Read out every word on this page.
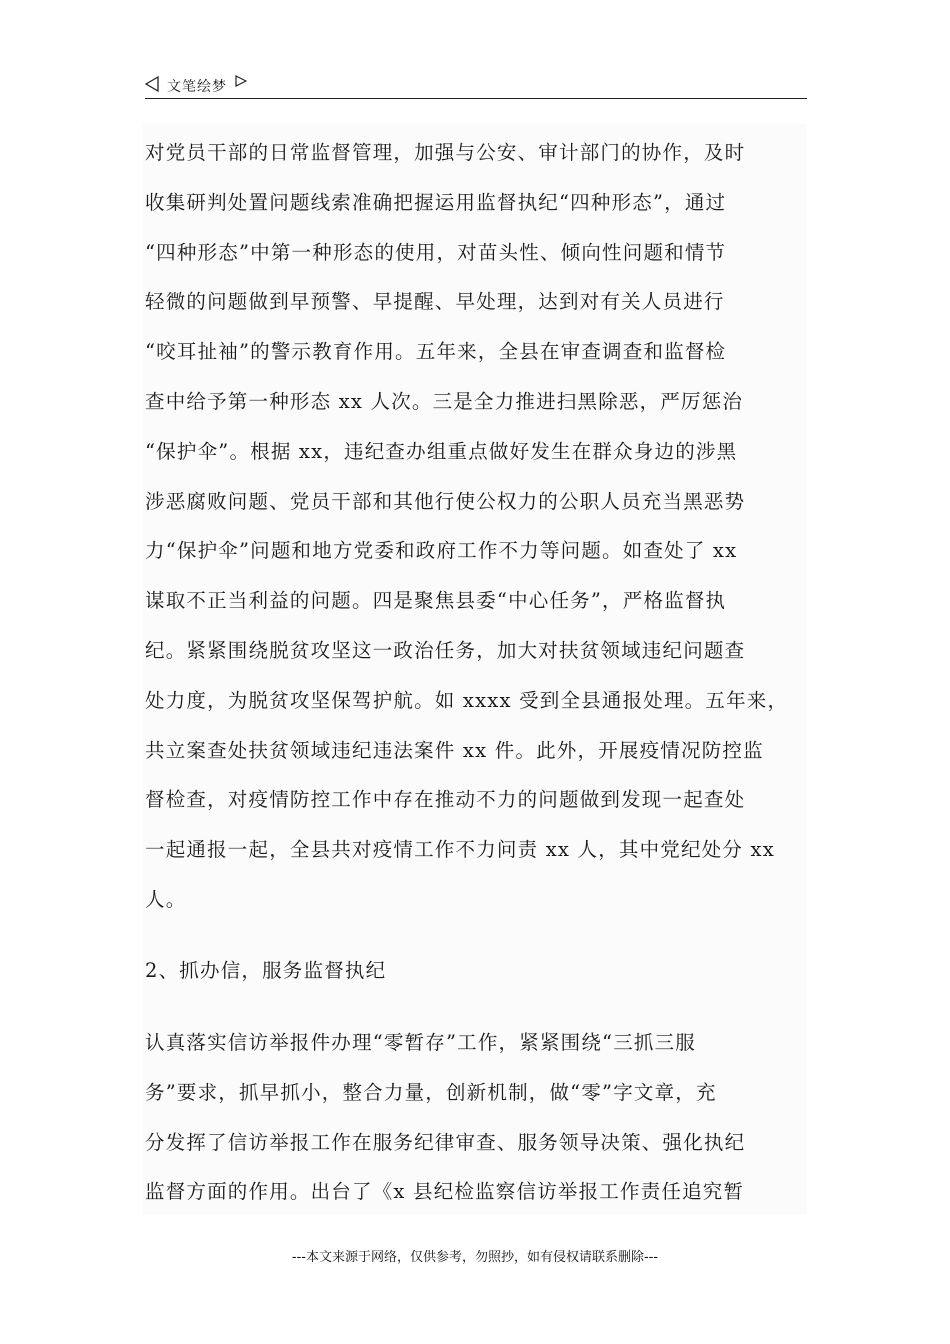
文笔绘梦
对党员干部的日常监督管理，加强与公安、审计部门的协作，及时
收集研判处置问题线索准确把握运用监督执纪“四种形态”，通过
“四种形态”中第一种形态的使用，对苗头性、倾向性问题和情节
轻微的问题做到早预警、早提醒、早处理，达到对有关人员进行
“咬耳扯袖”的警示教育作用。五年来，全县在审查调查和监督检
查中给予第一种形态 xx 人次。三是全力推进扫黑除恶，严厉惩治
“保护伞”。根据 xx，违纪查办组重点做好发生在群众身边的涉黑
涉恶腐败问题、党员干部和其他行使公权力的公职人员充当黑恶势
力“保护伞”问题和地方党委和政府工作不力等问题。如查处了 xx
谋取不正当利益的问题。四是聚焦县委“中心任务”，严格监督执
纪。紧紧围绕脱贫攻坚这一政治任务，加大对扶贫领域违纪问题查
处力度，为脱贫攻坚保驾护航。如 xxxx 受到全县通报处理。五年来，
共立案查处扶贫领域违纪违法案件 xx 件。此外，开展疫情况防控监
督检查，对疫情防控工作中存在推动不力的问题做到发现一起查处
一起通报一起，全县共对疫情工作不力问责 xx 人，其中党纪处分 xx
人。
2、抓办信，服务监督执纪
认真落实信访举报件办理“零暂存”工作，紧紧围绕“三抓三服
务”要求，抓早抓小，整合力量，创新机制，做“零”字文章，充
分发挥了信访举报工作在服务纪律审查、服务领导决策、强化执纪
监督方面的作用。出台了《x 县纪检监察信访举报工作责任追究暂
---本文来源于网络，仅供参考，勿照抄，如有侵权请联系删除---
